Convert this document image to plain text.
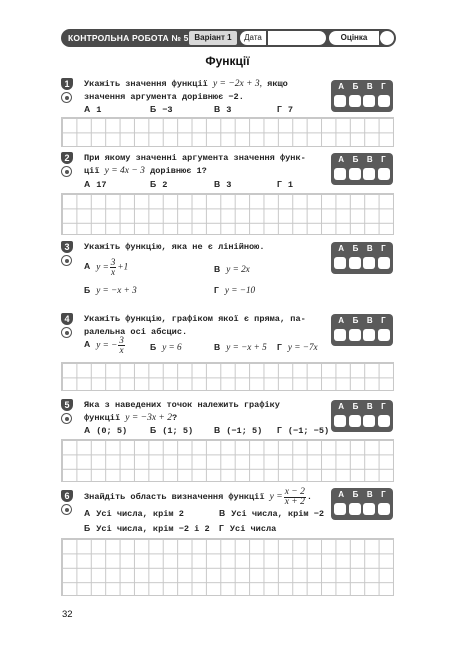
КОНТРОЛЬНА РОБОТА № 5 Варіант 1	Дата	Оцінка
Функції
1	Укажіть значення функції y = −2x + 3, якщо
значення аргумента дорівнює −2.
А 1	Б −3	В 3	Г 7
А Б В Г
2	При якому значенні аргумента значення функ-
ції y = 4x − 3 дорівнює 1?
А 17	Б 2	В 3	Г 1
А Б В Г
3	Укажіть функцію, яка не є лінійною.
А $y = \frac{3}{x} +1$	В y = 2x
Б y = −x + 3	Г y = −10
А Б В Г
4	Укажіть функцію, графіком якої є пряма, па-
ралельна осі абсцис.
А y = − $\frac{3}{x}$	Б y = 6	В y = −x + 5 Г y = −7x
А Б В Г
5	Яка з наведених точок належить графіку
функції y = −3x + 2?
А (0; 5)	Б (1; 5) В (−1; 5) Г (−1; −5)
А Б В Г
6	Знайдіть область визначення функції
$y = \frac{x - 2}{x + 2}$ .
А Усі числа, крім 2	В Усі числа, крім −2
Б Усі числа, крім −2 і 2 Г Усі числа
А Б В Г
32
